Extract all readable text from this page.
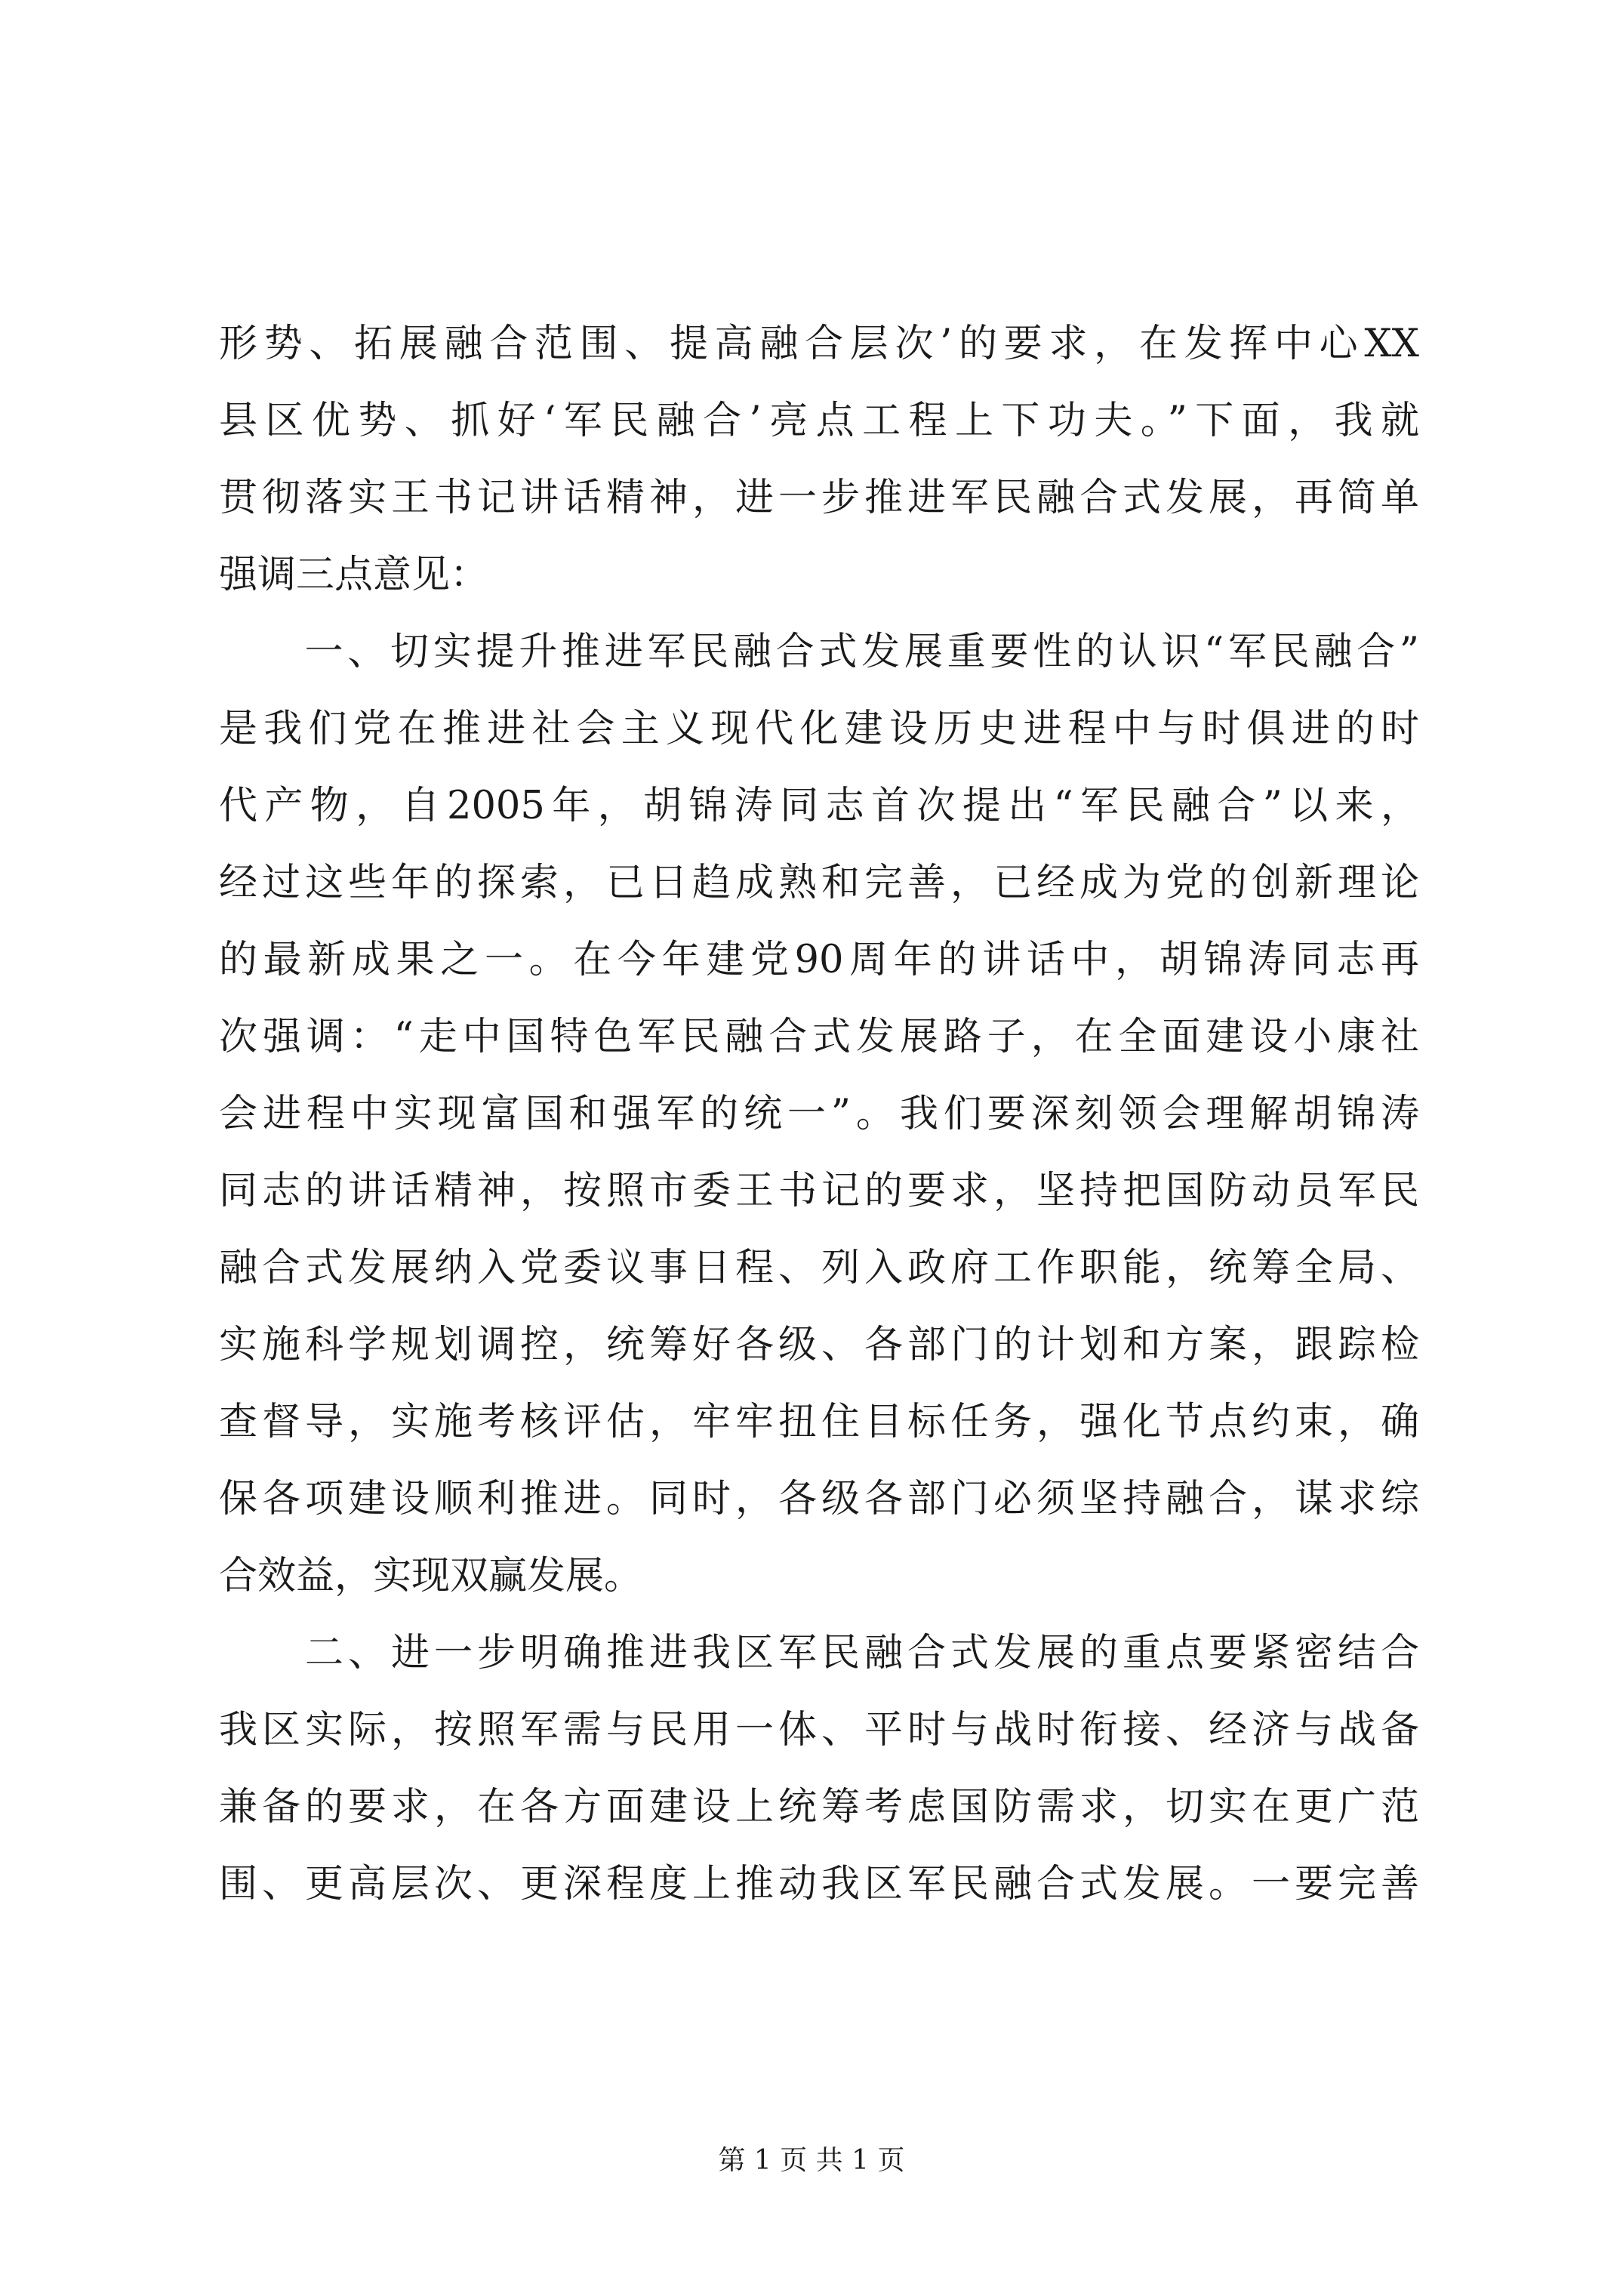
形势、拓展融合范围、提高融合层次’的要求，在发挥中心XX
县区优势、抓好‘军民融合’亮点工程上下功夫。”下面，我就
贯彻落实王书记讲话精神，进一步推进军民融合式发展，再简单
强调三点意见：
　　一、切实提升推进军民融合式发展重要性的认识“军民融合”
是我们党在推进社会主义现代化建设历史进程中与时俱进的时
代产物，自2005年，胡锦涛同志首次提出“军民融合”以来，
经过这些年的探索，已日趋成熟和完善，已经成为党的创新理论
的最新成果之一。在今年建党90周年的讲话中，胡锦涛同志再
次强调：“走中国特色军民融合式发展路子，在全面建设小康社
会进程中实现富国和强军的统一”。我们要深刻领会理解胡锦涛
同志的讲话精神，按照市委王书记的要求，坚持把国防动员军民
融合式发展纳入党委议事日程、列入政府工作职能，统筹全局、
实施科学规划调控，统筹好各级、各部门的计划和方案，跟踪检
查督导，实施考核评估，牢牢扭住目标任务，强化节点约束，确
保各项建设顺利推进。同时，各级各部门必须坚持融合，谋求综
合效益，实现双赢发展。
　　二、进一步明确推进我区军民融合式发展的重点要紧密结合
我区实际，按照军需与民用一体、平时与战时衔接、经济与战备
兼备的要求，在各方面建设上统筹考虑国防需求，切实在更广范
围、更高层次、更深程度上推动我区军民融合式发展。一要完善
第 1 页 共 1 页
